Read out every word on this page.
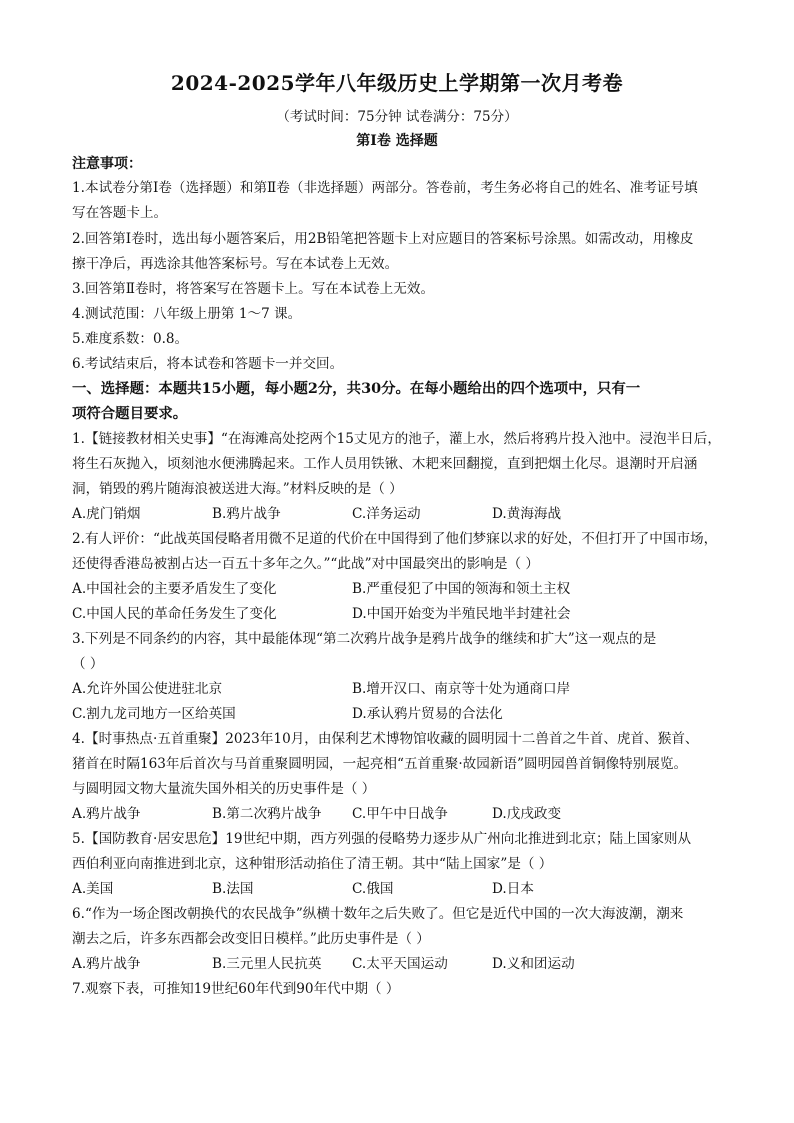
2024-2025学年八年级历史上学期第一次月考卷
（考试时间：75分钟 试卷满分：75分）
第Ⅰ卷 选择题
注意事项：
1.本试卷分第Ⅰ卷（选择题）和第Ⅱ卷（非选择题）两部分。答卷前，考生务必将自己的姓名、准考证号填
写在答题卡上。
2.回答第Ⅰ卷时，选出每小题答案后，用2B铅笔把答题卡上对应题目的答案标号涂黑。如需改动，用橡皮
擦干净后，再选涂其他答案标号。写在本试卷上无效。
3.回答第Ⅱ卷时，将答案写在答题卡上。写在本试卷上无效。
4.测试范围：八年级上册第 1～7 课。
5.难度系数：0.8。
6.考试结束后，将本试卷和答题卡一并交回。
一、选择题：本题共15小题，每小题2分，共30分。在每小题给出的四个选项中，只有一
项符合题目要求。
1.【链接教材相关史事】“在海滩高处挖两个15丈见方的池子，灌上水，然后将鸦片投入池中。浸泡半日后，
将生石灰抛入，顷刻池水便沸腾起来。工作人员用铁锹、木耙来回翻搅，直到把烟土化尽。退潮时开启涵
洞，销毁的鸦片随海浪被送进大海。”材料反映的是（ ）
A.虎门销烟	B.鸦片战争	C.洋务运动	D.黄海海战
2.有人评价：“此战英国侵略者用微不足道的代价在中国得到了他们梦寐以求的好处，不但打开了中国市场，
还使得香港岛被割占达一百五十多年之久。”“此战”对中国最突出的影响是（ ）
A.中国社会的主要矛盾发生了变化	B.严重侵犯了中国的领海和领土主权
C.中国人民的革命任务发生了变化	D.中国开始变为半殖民地半封建社会
3.下列是不同条约的内容，其中最能体现“第二次鸦片战争是鸦片战争的继续和扩大”这一观点的是
（ ）
A.允许外国公使进驻北京	B.增开汉口、南京等十处为通商口岸
C.割九龙司地方一区给英国	D.承认鸦片贸易的合法化
4.【时事热点·五首重聚】2023年10月，由保利艺术博物馆收藏的圆明园十二兽首之牛首、虎首、猴首、
猪首在时隔163年后首次与马首重聚圆明园，一起亮相“五首重聚·故园新语”圆明园兽首铜像特别展览。
与圆明园文物大量流失国外相关的历史事件是（ ）
A.鸦片战争	B.第二次鸦片战争 C.甲午中日战争	D.戊戌政变
5.【国防教育·居安思危】19世纪中期，西方列强的侵略势力逐步从广州向北推进到北京；陆上国家则从
西伯利亚向南推进到北京，这种钳形活动掐住了清王朝。其中“陆上国家”是（ ）
A.美国	B.法国	C.俄国	D.日本
6.“作为一场企图改朝换代的农民战争”纵横十数年之后失败了。但它是近代中国的一次大海波潮，潮来
潮去之后，许多东西都会改变旧日模样。”此历史事件是（ ）
A.鸦片战争	B.三元里人民抗英 C.太平天国运动	D.义和团运动
7.观察下表，可推知19世纪60年代到90年代中期（ ）
